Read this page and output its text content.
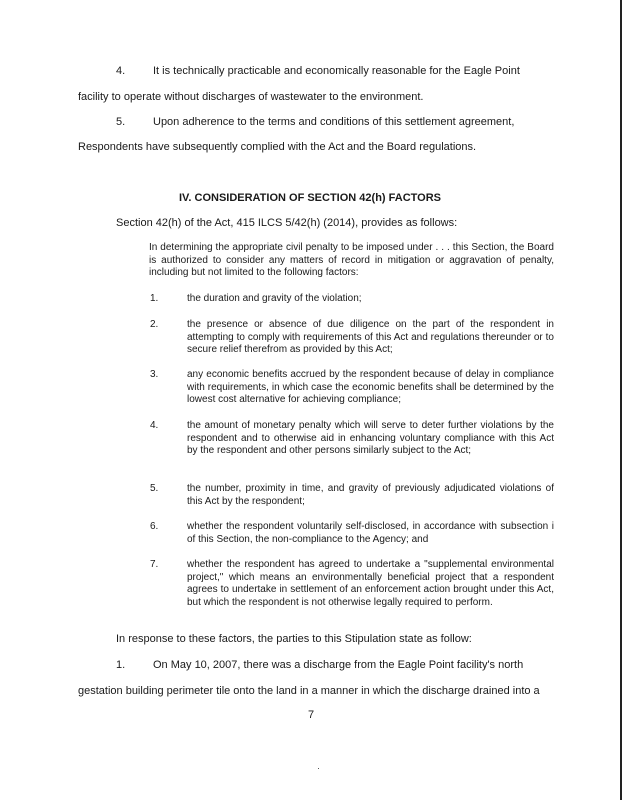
4.	It is technically practicable and economically reasonable for the Eagle Point
facility to operate without discharges of wastewater to the environment.
5.	Upon adherence to the terms and conditions of this settlement agreement,
Respondents have subsequently complied with the Act and the Board regulations.
IV. CONSIDERATION OF SECTION 42(h) FACTORS
Section 42(h) of the Act, 415 ILCS 5/42(h) (2014), provides as follows:
In determining the appropriate civil penalty to be imposed under . . . this Section, the Board is authorized to consider any matters of record in mitigation or aggravation of penalty, including but not limited to the following factors:
1.	the duration and gravity of the violation;
2.	the presence or absence of due diligence on the part of the respondent in attempting to comply with requirements of this Act and regulations thereunder or to secure relief therefrom as provided by this Act;
3.	any economic benefits accrued by the respondent because of delay in compliance with requirements, in which case the economic benefits shall be determined by the lowest cost alternative for achieving compliance;
4.	the amount of monetary penalty which will serve to deter further violations by the respondent and to otherwise aid in enhancing voluntary compliance with this Act by the respondent and other persons similarly subject to the Act;
5.	the number, proximity in time, and gravity of previously adjudicated violations of this Act by the respondent;
6.	whether the respondent voluntarily self-disclosed, in accordance with subsection i of this Section, the non-compliance to the Agency; and
7.	whether the respondent has agreed to undertake a "supplemental environmental project," which means an environmentally beneficial project that a respondent agrees to undertake in settlement of an enforcement action brought under this Act, but which the respondent is not otherwise legally required to perform.
In response to these factors, the parties to this Stipulation state as follow:
1.	On May 10, 2007, there was a discharge from the Eagle Point facility's north
gestation building perimeter tile onto the land in a manner in which the discharge drained into a
7
